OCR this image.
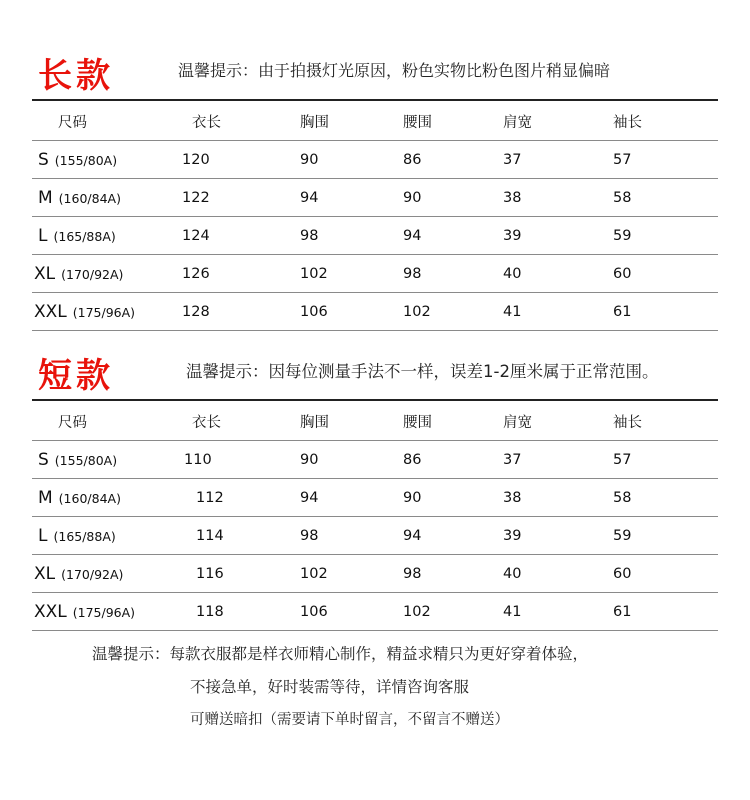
长款	温馨提示：由于拍摄灯光原因，粉色实物比粉色图片稍显偏暗
尺码	衣长	胸围	腰围	肩宽	袖长
S (155/80A)	120	90	86	37	57
M (160/84A)	122	94	90	38	58
L (165/88A)	124	98	94	39	59
XL (170/92A)	126	102	98	40	60
XXL (175/96A)	128	106	102	41	61
短款	温馨提示：因每位测量手法不一样，误差1-2厘米属于正常范围。
尺码	衣长	胸围	腰围	肩宽	袖长
S (155/80A)	110	90	86	37	57
M (160/84A)	112	94	90	38	58
L (165/88A)	114	98	94	39	59
XL (170/92A)	116	102	98	40	60
XXL (175/96A)	118	106	102	41	61
温馨提示：每款衣服都是样衣师精心制作，精益求精只为更好穿着体验，
不接急单，好时装需等待，详情咨询客服
可赠送暗扣（需要请下单时留言，不留言不赠送）
